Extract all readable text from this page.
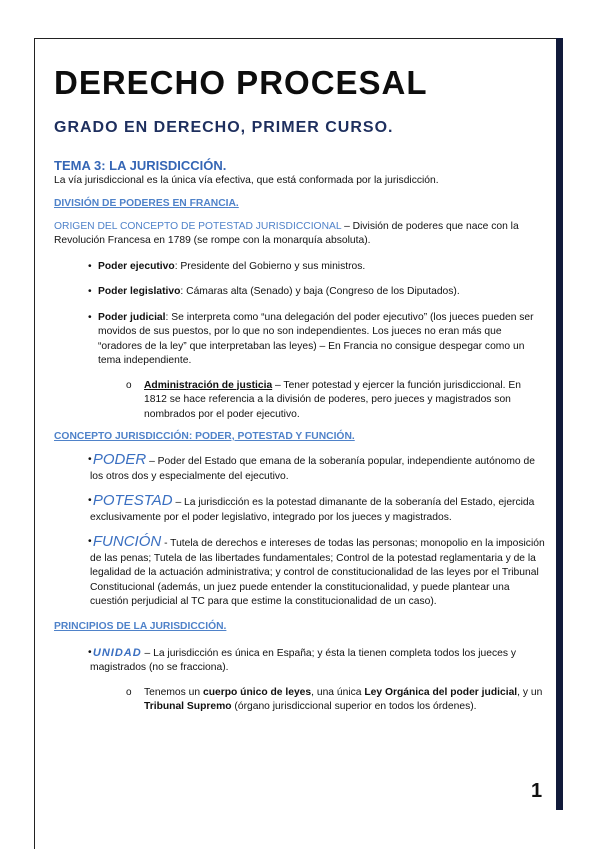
1
DERECHO PROCESAL
GRADO EN DERECHO, PRIMER CURSO.
TEMA 3: LA JURISDICCIÓN.

La vía jurisdiccional es la única vía efectiva, que está conformada por la jurisdicción.

DIVISIÓN DE PODERES EN FRANCIA.
ORIGEN DEL CONCEPTO DE POTESTAD JURISDICCIONAL – División de poderes que nace con la Revolución Francesa en 1789 (se rompe con la monarquía absoluta).
• Poder ejecutivo: Presidente del Gobierno y sus ministros.
• Poder legislativo: Cámaras alta (Senado) y baja (Congreso de los Diputados).
• Poder judicial: Se interpreta como “una delegación del poder ejecutivo” (los jueces pueden ser movidos de sus puestos, por lo que no son independientes. Los jueces no eran más que “oradores de la ley” que interpretaban las leyes) – En Francia no consigue despegar como un tema independiente.
o Administración de justicia – Tener potestad y ejercer la función jurisdiccional. En 1812 se hace referencia a la división de poderes, pero jueces y magistrados son nombrados por el poder ejecutivo.
CONCEPTO JURISDICCIÓN: PODER, POTESTAD Y FUNCIÓN.
• PODER – Poder del Estado que emana de la soberanía popular, independiente autónomo de los otros dos y especialmente del ejecutivo.
• POTESTAD – La jurisdicción es la potestad dimanante de la soberanía del Estado, ejercida exclusivamente por el poder legislativo, integrado por los jueces y magistrados.
• FUNCIÓN - Tutela de derechos e intereses de todas las personas; monopolio en la imposición de las penas; Tutela de las libertades fundamentales; Control de la potestad reglamentaria y de la legalidad de la actuación administrativa; y control de constitucionalidad de las leyes por el Tribunal Constitucional (además, un juez puede entender la constitucionalidad, y puede plantear una cuestión perjudicial al TC para que estime la constitucionalidad de un caso).
PRINCIPIOS DE LA JURISDICCIÓN.
• UNIDAD – La jurisdicción es única en España; y ésta la tienen completa todos los jueces y magistrados (no se fracciona).
o Tenemos un cuerpo único de leyes, una única Ley Orgánica del poder judicial, y un Tribunal Supremo (órgano jurisdiccional superior en todos los órdenes).
